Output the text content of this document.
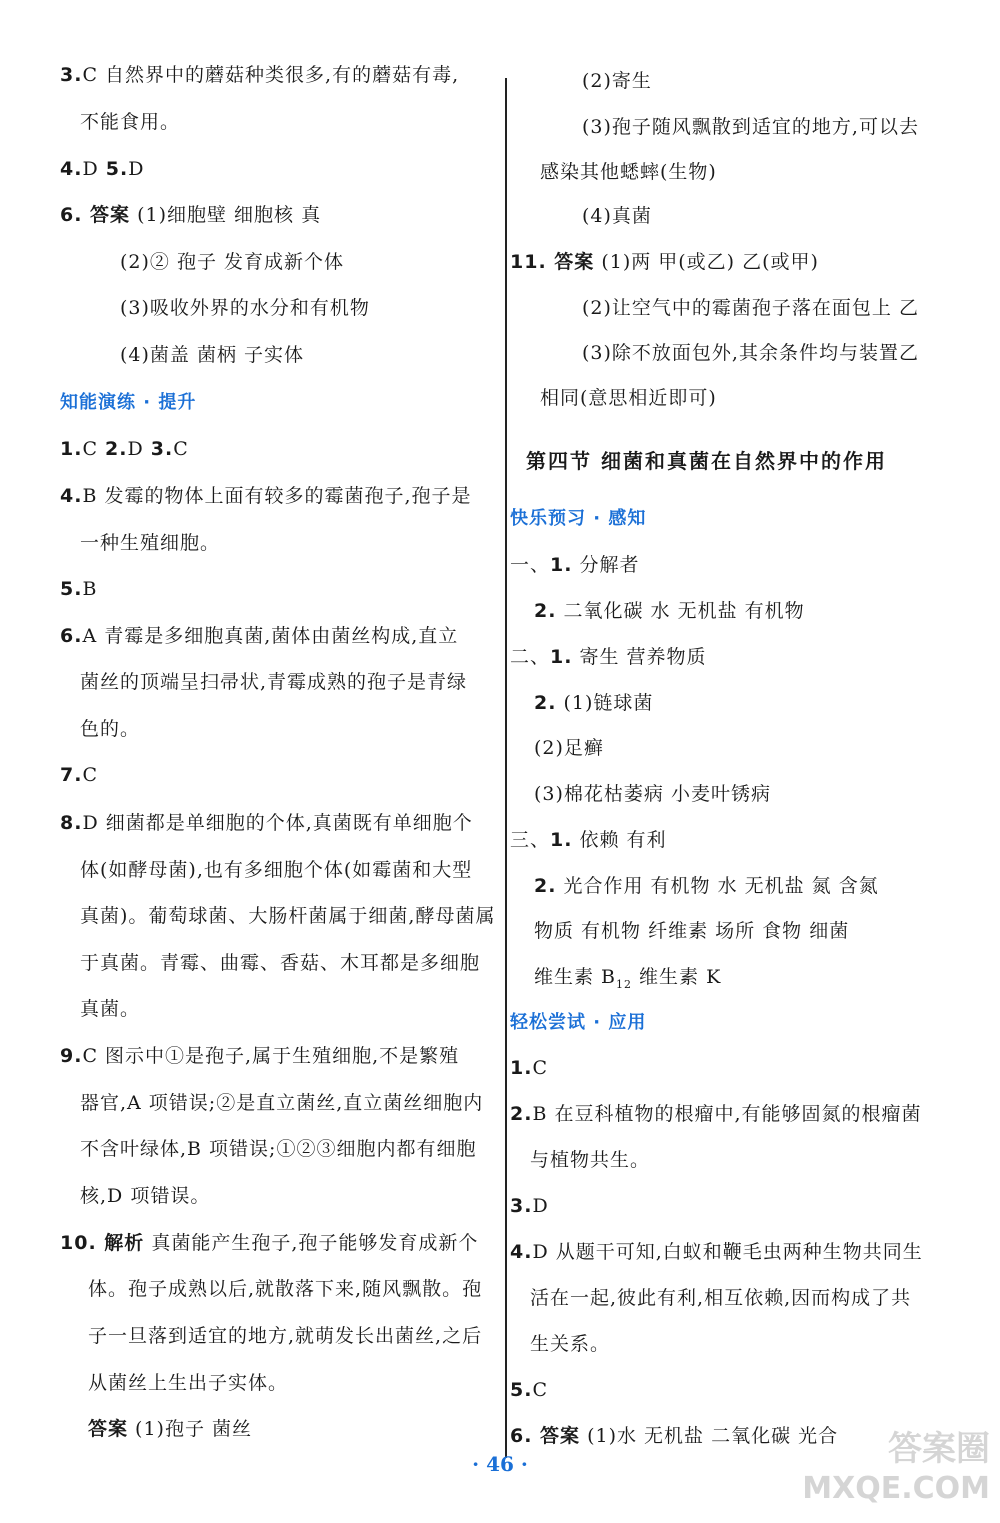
3.C 自然界中的蘑菇种类很多,有的蘑菇有毒,
不能食用。
4.D 5.D
6. 答案 (1)细胞壁 细胞核 真
(2)② 孢子 发育成新个体
(3)吸收外界的水分和有机物
(4)菌盖 菌柄 子实体
知能演练 · 提升
1.C 2.D 3.C
4.B 发霉的物体上面有较多的霉菌孢子,孢子是
一种生殖细胞。
5.B
6.A 青霉是多细胞真菌,菌体由菌丝构成,直立
菌丝的顶端呈扫帚状,青霉成熟的孢子是青绿
色的。
7.C
8.D 细菌都是单细胞的个体,真菌既有单细胞个
体(如酵母菌),也有多细胞个体(如霉菌和大型
真菌)。葡萄球菌、大肠杆菌属于细菌,酵母菌属
于真菌。青霉、曲霉、香菇、木耳都是多细胞
真菌。
9.C 图示中①是孢子,属于生殖细胞,不是繁殖
器官,A 项错误;②是直立菌丝,直立菌丝细胞内
不含叶绿体,B 项错误;①②③细胞内都有细胞
核,D 项错误。
10. 解析 真菌能产生孢子,孢子能够发育成新个
体。孢子成熟以后,就散落下来,随风飘散。孢
子一旦落到适宜的地方,就萌发长出菌丝,之后
从菌丝上生出子实体。
答案 (1)孢子 菌丝
(2)寄生
(3)孢子随风飘散到适宜的地方,可以去
感染其他蟋蟀(生物)
(4)真菌
11. 答案 (1)两 甲(或乙) 乙(或甲)
(2)让空气中的霉菌孢子落在面包上 乙
(3)除不放面包外,其余条件均与装置乙
相同(意思相近即可)
第四节 细菌和真菌在自然界中的作用
快乐预习 · 感知
一、1. 分解者
2. 二氧化碳 水 无机盐 有机物
二、1. 寄生 营养物质
2. (1)链球菌
(2)足癣
(3)棉花枯萎病 小麦叶锈病
三、1. 依赖 有利
2. 光合作用 有机物 水 无机盐 氮 含氮
物质 有机物 纤维素 场所 食物 细菌
维生素 $B_{12}$ 维生素 K
轻松尝试 · 应用
1.C
2.B 在豆科植物的根瘤中,有能够固氮的根瘤菌
与植物共生。
3.D
4.D 从题干可知,白蚁和鞭毛虫两种生物共同生
活在一起,彼此有利,相互依赖,因而构成了共
生关系。
5.C
6. 答案 (1)水 无机盐 二氧化碳 光合
· 46 ·	答案圈
MXQE.COM
